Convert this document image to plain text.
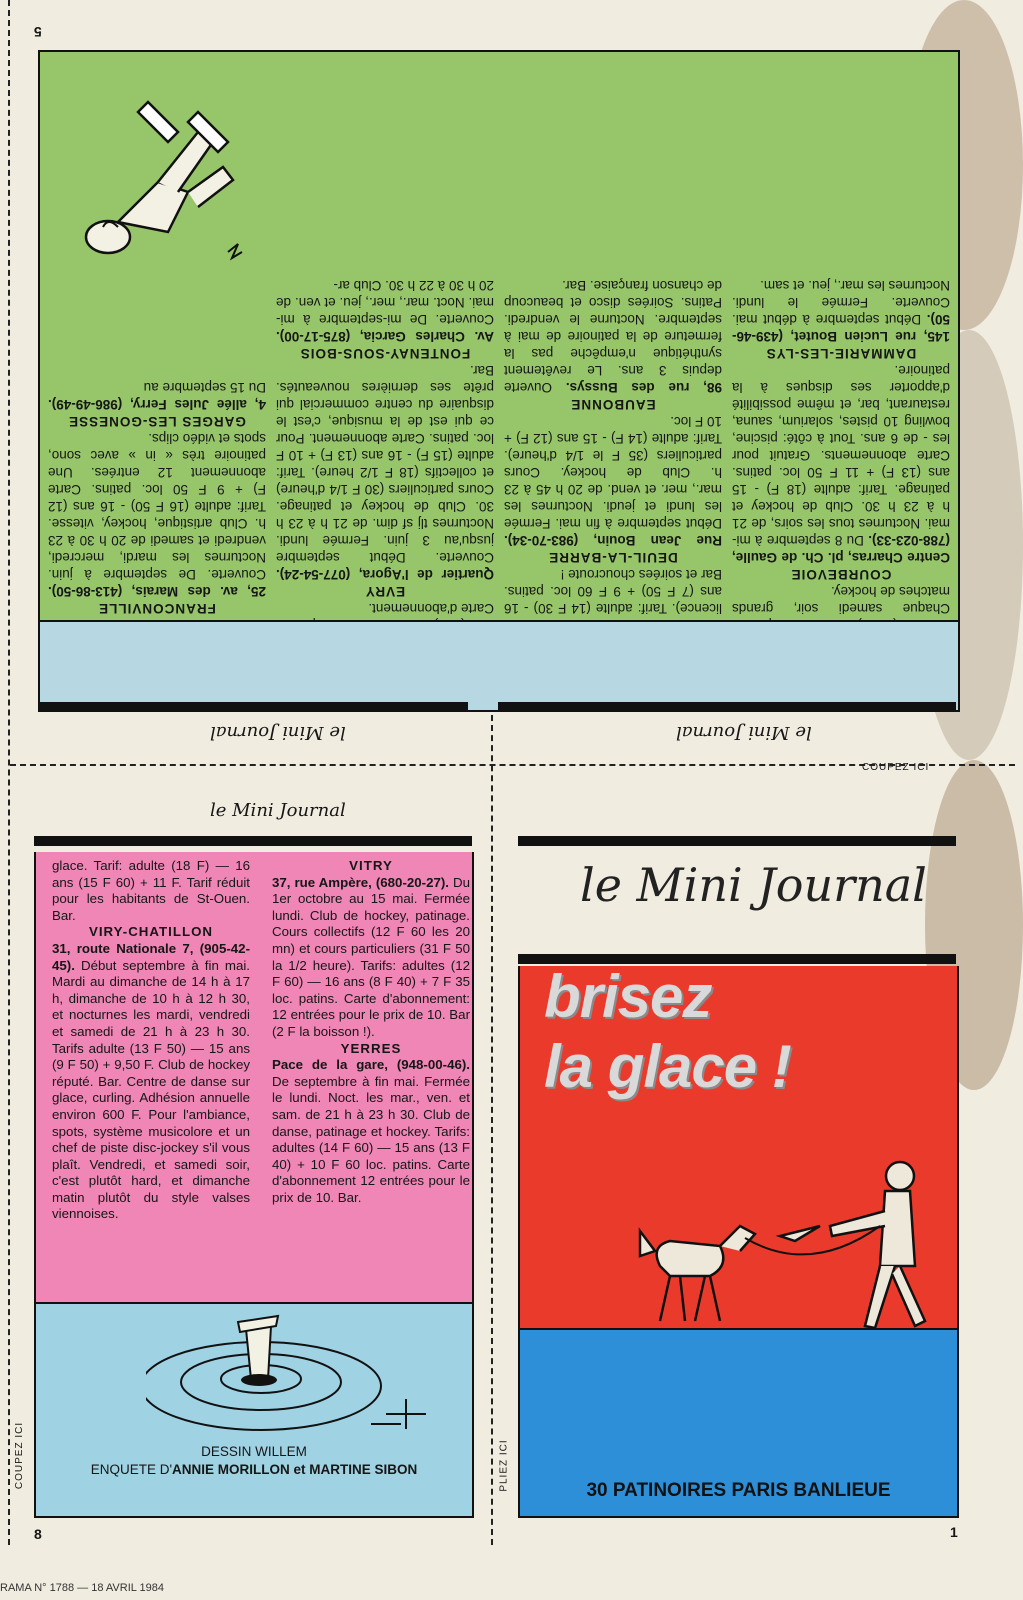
5
8	1
RAMA N° 1788 — 18 AVRIL 1984
COUPEZ ICI
COUPEZ ICI	PLIEZ ICI
Chaque samedi soir, grands matches de hockey.
COURBEVOIE
Centre Charras, pl. Ch. de Gaulle, (788-023-33). Du 8 septembre à mi-mai. Nocturnes tous les soirs, de 21 h à 23 h 30. Club de hockey et patinage. Tarif: adulte (18 F) - 15 ans (13 F) + 11 F 50 loc. patins. Carte abonnements. Gratuit pour les - de 6 ans. Tout à côté: piscine, bowling 10 pistes, solarium, sauna, restaurant, bar, et même possibilité d'apporter ses disques à la patinoire.
DAMMARIE-LES-LYS
145, rue Lucien Boutet, (439-46-50). Début septembre à début mai. Couverte. Fermée le lundi. Nocturnes les mar., jeu. et sam.
licence). Tarif: adulte (14 F 30) - 16 ans (7 F 50) + 9 F 60 loc. patins. Bar et soirées choucroute !
DEUIL-LA-BARRE
Rue Jean Bouin, (983-70-34). Début septembre à fin mai. Fermée les lundi et jeudi. Nocturnes les mar., mer. et vend. de 20 h 45 à 23 h. Club de hockey. Cours particuliers (35 F le 1/4 d'heure). Tarif: adulte (14 F) - 15 ans (12 F) + 10 F loc.
EAUBONNE
98, rue des Bussys. Ouverte depuis 3 ans. Le revêtement synthétique n'empêche pas la fermeture de la patinoire de mai à septembre. Nocturne le vendredi. Patins. Soirées disco et beaucoup de chanson française. Bar.
Carte d'abonnement.
EVRY
Quartier de l'Agora, (077-54-24). Couverte. Début septembre jusqu'au 3 juin. Fermée lundi. Nocturnes tlj sf dim. de 21 h à 23 h 30. Club de hockey et patinage. Cours particuliers (30 F 1/4 d'heure) et collectifs (18 F 1/2 heure). Tarif: adulte (15 F) - 16 ans (13 F) + 10 F loc. patins. Carte abonnement. Pour ce qui est de la musique, c'est le disquaire du centre commercial qui prête ses dernières nouveautés. Bar.
FONTENAY-SOUS-BOIS
Av. Charles Garcia, (875-17-00). Couverte. De mi-septembre à mi-mai. Noct. mar., mer., jeu. et ven. de 20 h 30 à 22 h 30. Club ar-
FRANCONVILLE
25, av. des Marais, (413-86-50). Couverte. De septembre à juin. Nocturnes les mardi, mercredi, vendredi et samedi de 20 h 30 à 23 h. Club artistique, hockey, vitesse. Tarif: adulte (16 F 50) - 16 ans (12 F) + 9 F 50 loc. patins. Carte abonnement 12 entrées. Une patinoire très « in » avec sono, spots et vidéo clips.
GARGES LES-GONESSE
4, allée Jules Ferry, (986-49-49). Du 15 septembre au
le Mini Journal	le Mini Journal
le Mini Journal
glace. Tarif: adulte (18 F) — 16 ans (15 F 60) + 11 F. Tarif réduit pour les habitants de St-Ouen. Bar.
VIRY-CHATILLON
31, route Nationale 7, (905-42-45). Début septembre à fin mai. Mardi au dimanche de 14 h à 17 h, dimanche de 10 h à 12 h 30, et nocturnes les mardi, vendredi et samedi de 21 h à 23 h 30. Tarifs adulte (13 F 50) — 15 ans (9 F 50) + 9,50 F. Club de hockey réputé. Bar. Centre de danse sur glace, curling. Adhésion annuelle environ 600 F. Pour l'ambiance, spots, système musicolore et un chef de piste disc-jockey s'il vous plaît. Vendredi, et samedi soir, c'est plutôt hard, et dimanche matin plutôt du style valses viennoises.
VITRY
37, rue Ampère, (680-20-27). Du 1er octobre au 15 mai. Fermée lundi. Club de hockey, patinage. Cours collectifs (12 F 60 les 20 mn) et cours particuliers (31 F 50 la 1/2 heure). Tarifs: adultes (12 F 60) — 16 ans (8 F 40) + 7 F 35 loc. patins. Carte d'abonnement: 12 entrées pour le prix de 10. Bar (2 F la boisson !).
YERRES
Pace de la gare, (948-00-46). De septembre à fin mai. Fermée le lundi. Noct. les mar., ven. et sam. de 21 h à 23 h 30. Club de danse, patinage et hockey. Tarifs: adultes (14 F 60) — 15 ans (13 F 40) + 10 F 60 loc. patins. Carte d'abonnement 12 entrées pour le prix de 10. Bar.
DESSIN WILLEM
ENQUETE D'ANNIE MORILLON et MARTINE SIBON
le Mini Journal
brisez
la glace !
30 PATINOIRES PARIS BANLIEUE
